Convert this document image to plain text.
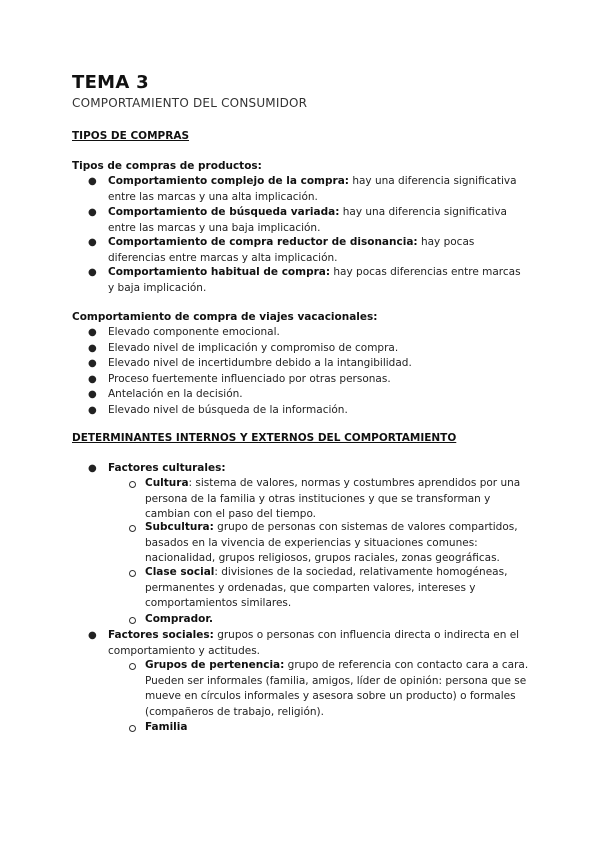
TEMA 3
COMPORTAMIENTO DEL CONSUMIDOR
TIPOS DE COMPRAS
Tipos de compras de productos:
● Comportamiento complejo de la compra: hay una diferencia significativa entre las marcas y una alta implicación.
● Comportamiento de búsqueda variada: hay una diferencia significativa entre las marcas y una baja implicación.
● Comportamiento de compra reductor de disonancia: hay pocas diferencias entre marcas y alta implicación.
● Comportamiento habitual de compra: hay pocas diferencias entre marcas y baja implicación.
Comportamiento de compra de viajes vacacionales:
● Elevado componente emocional.
● Elevado nivel de implicación y compromiso de compra.
● Elevado nivel de incertidumbre debido a la intangibilidad.
● Proceso fuertemente influenciado por otras personas.
● Antelación en la decisión.
● Elevado nivel de búsqueda de la información.
DETERMINANTES INTERNOS Y EXTERNOS DEL COMPORTAMIENTO
● Factores culturales:
Cultura: sistema de valores, normas y costumbres aprendidos por una persona de la familia y otras instituciones y que se transforman y cambian con el paso del tiempo.
Subcultura: grupo de personas con sistemas de valores compartidos, basados en la vivencia de experiencias y situaciones comunes: nacionalidad, grupos religiosos, grupos raciales, zonas geográficas.
Clase social: divisiones de la sociedad, relativamente homogéneas, permanentes y ordenadas, que comparten valores, intereses y comportamientos similares.
Comprador.
● Factores sociales: grupos o personas con influencia directa o indirecta en el comportamiento y actitudes.
Grupos de pertenencia: grupo de referencia con contacto cara a cara. Pueden ser informales (familia, amigos, líder de opinión: persona que se mueve en círculos informales y asesora sobre un producto) o formales (compañeros de trabajo, religión).
Familia
